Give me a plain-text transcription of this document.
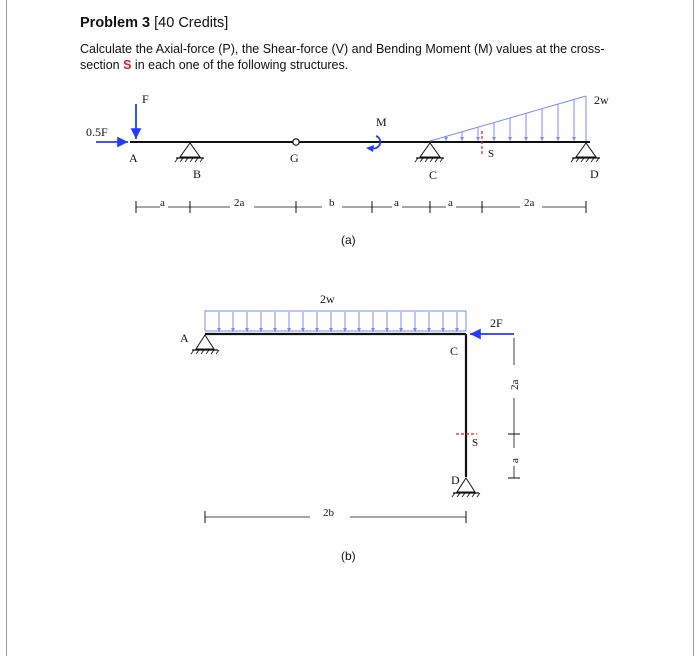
Problem 3 [40 Credits]
Calculate the Axial-force (P), the Shear-force (V) and Bending Moment (M) values at the cross-section S in each one of the following structures.
F
0.5F
A
B
G
M
C
2w
S
D
a	2a	b	a	a	2a
(a)
2w
A
2F
C
S
D
2a
a
2b
(b)
